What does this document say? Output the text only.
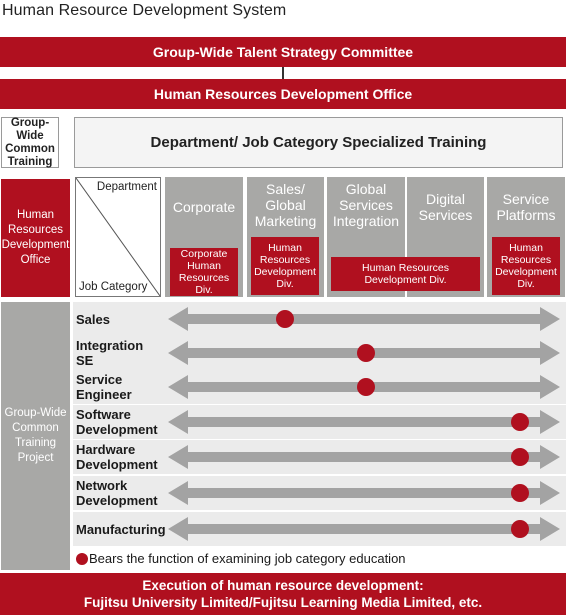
Human Resource Development System
Group-Wide Talent Strategy Committee
Human Resources Development Office
Group-Wide
Common
Training
Department/ Job Category Specialized Training
Human
Resources
Development
Office
Department
Job Category
Corporate
Corporate
Human
Resources Div.
Sales/
Global
Marketing
Human
Resources
Development
Div.
Global
Services
Integration
Digital
Services
Service
Platforms
Human
Resources
Development
Div.
Human Resources
Development Div.
Group-Wide
Common
Training
Project
Sales
Integration
SE
Service
Engineer
Software
Development
Hardware
Development
Network
Development
Manufacturing
Bears the function of examining job category education
Execution of human resource development:
Fujitsu University Limited/Fujitsu Learning Media Limited, etc.
